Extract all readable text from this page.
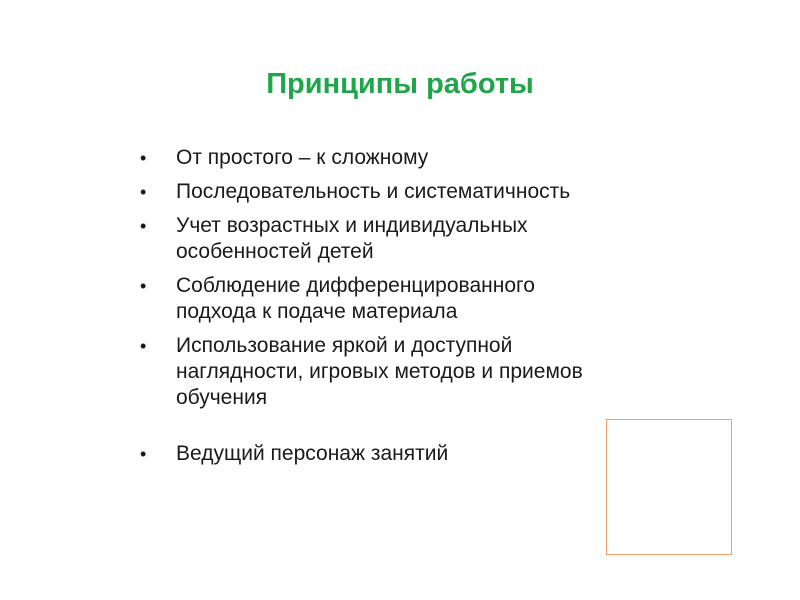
Принципы работы
•	От простого – к сложному
•	Последовательность и систематичность
•	Учет возрастных и индивидуальных
особенностей детей
•	Соблюдение дифференцированного
подхода к подаче материала
•	Использование яркой и доступной
наглядности, игровых методов и приемов
обучения
•	Ведущий персонаж занятий
